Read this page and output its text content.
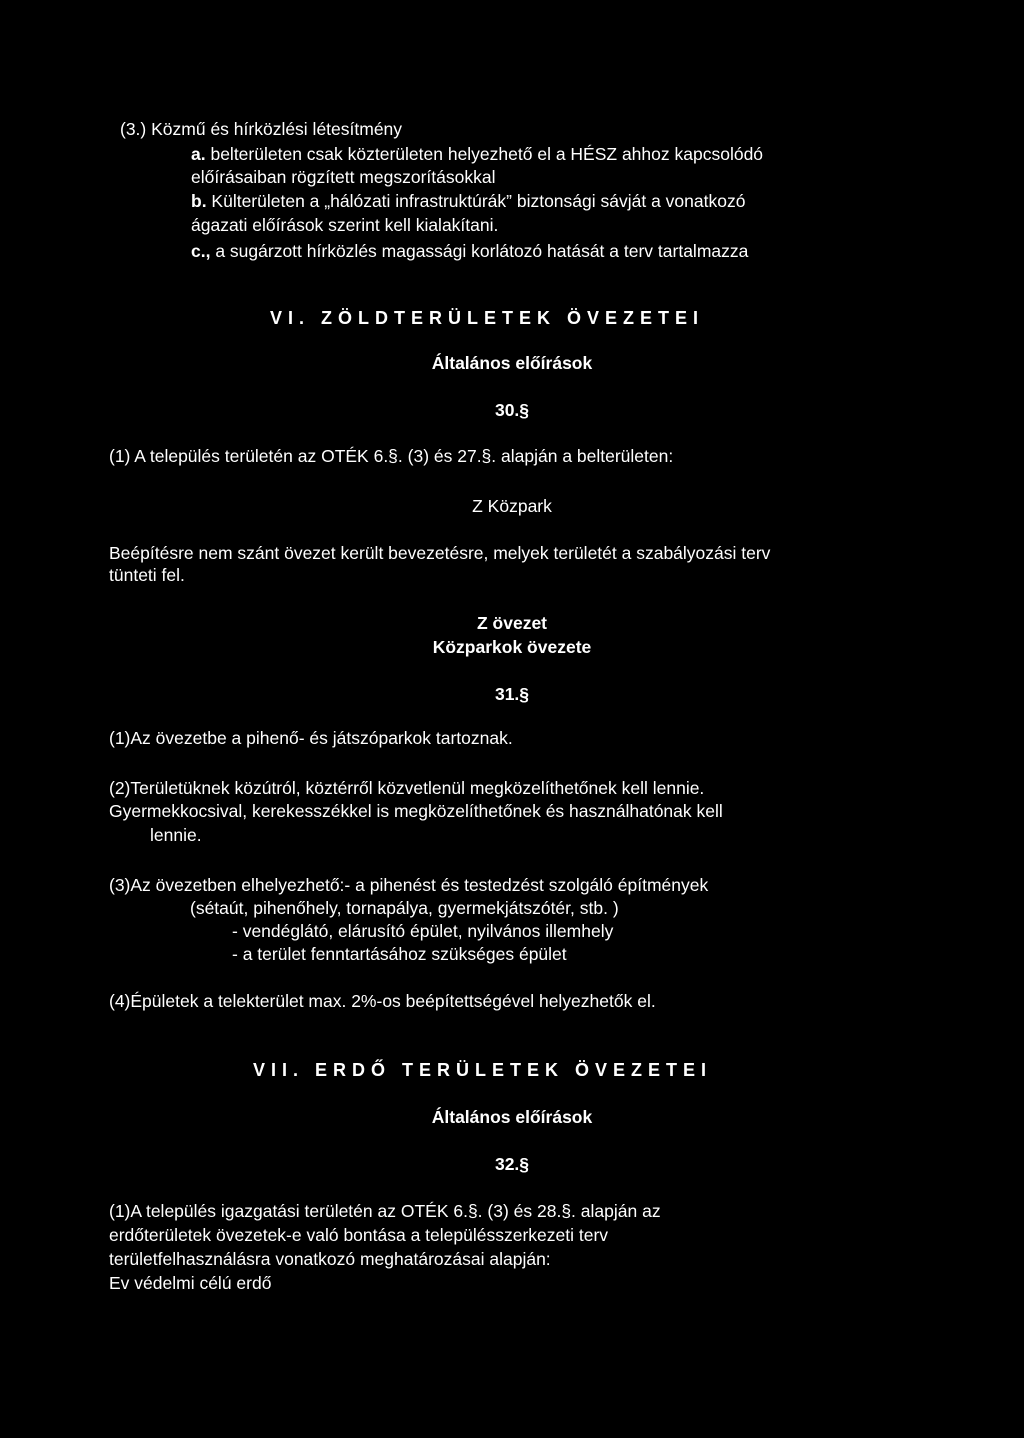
(3.) Közmű és hírközlési létesítmény
a. belterületen csak közterületen helyezhető el a HÉSZ ahhoz kapcsolódó
előírásaiban rögzített megszorításokkal
b. Külterületen a „hálózati infrastruktúrák” biztonsági sávját a vonatkozó
ágazati előírások szerint kell kialakítani.
c., a sugárzott hírközlés magassági korlátozó hatását a terv tartalmazza
VI. ZÖLDTERÜLETEK ÖVEZETEI
Általános előírások
30.§
(1) A település területén az OTÉK 6.§. (3) és 27.§. alapján a belterületen:
Z Közpark
Beépítésre nem szánt övezet került bevezetésre, melyek területét a szabályozási terv
tünteti fel.
Z övezet
Közparkok övezete
31.§
(1)Az övezetbe a pihenő- és játszóparkok tartoznak.
(2)Területüknek közútról, köztérről közvetlenül megközelíthetőnek kell lennie.
Gyermekkocsival, kerekesszékkel is megközelíthetőnek és használhatónak kell
lennie.
(3)Az övezetben elhelyezhető:- a pihenést és testedzést szolgáló építmények
(sétaút, pihenőhely, tornapálya, gyermekjátszótér, stb. )
- vendéglátó, elárusító épület, nyilvános illemhely
- a terület fenntartásához szükséges épület
(4)Épületek a telekterület max. 2%-os beépítettségével helyezhetők el.
VII. ERDŐ TERÜLETEK ÖVEZETEI
Általános előírások
32.§
(1)A település igazgatási területén az OTÉK 6.§. (3) és 28.§. alapján az
erdőterületek övezetek-e való bontása a településszerkezeti terv
területfelhasználásra vonatkozó meghatározásai alapján:
Ev védelmi célú erdő
